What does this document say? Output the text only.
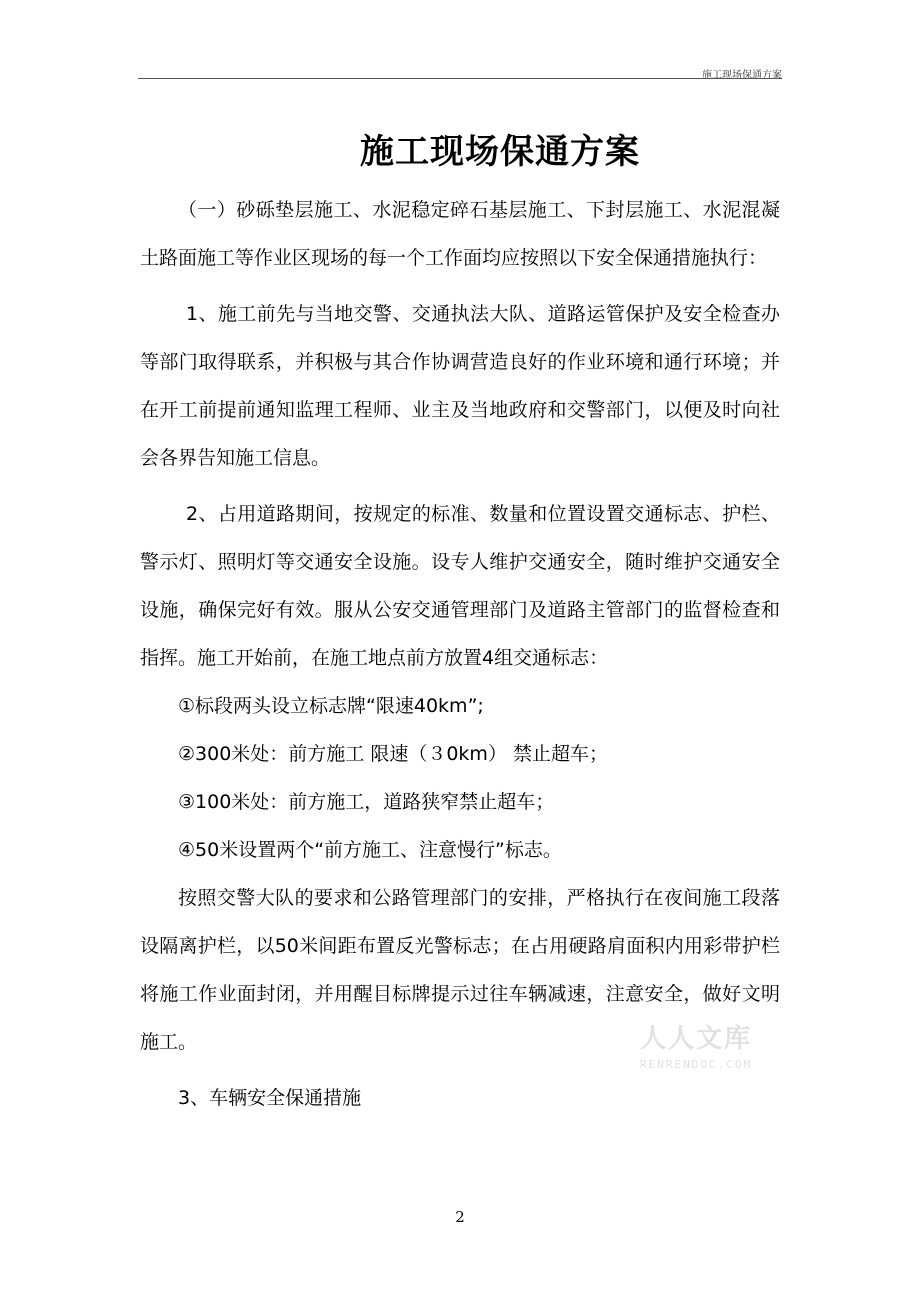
施工现场保通方案
施工现场保通方案

（一）砂砾垫层施工、水泥稳定碎石基层施工、下封层施工、水泥混凝土路面施工等作业区现场的每一个工作面均应按照以下安全保通措施执行：

1、施工前先与当地交警、交通执法大队、道路运管保护及安全检查办等部门取得联系，并积极与其合作协调营造良好的作业环境和通行环境；并在开工前提前通知监理工程师、业主及当地政府和交警部门，以便及时向社会各界告知施工信息。

2、占用道路期间，按规定的标准、数量和位置设置交通标志、护栏、警示灯、照明灯等交通安全设施。设专人维护交通安全，随时维护交通安全设施，确保完好有效。服从公安交通管理部门及道路主管部门的监督检查和指挥。施工开始前，在施工地点前方放置4组交通标志：

①标段两头设立标志牌“限速40km”;

②300米处：前方施工 限速（３0km） 禁止超车；

③100米处：前方施工，道路狭窄禁止超车；

④50米设置两个“前方施工、注意慢行”标志。

按照交警大队的要求和公路管理部门的安排，严格执行在夜间施工段落设隔离护栏，以50米间距布置反光警标志；在占用硬路肩面积内用彩带护栏将施工作业面封闭，并用醒目标牌提示过往车辆减速，注意安全，做好文明施工。

3、车辆安全保通措施

人人文库
RENRENDOC.COM
2
